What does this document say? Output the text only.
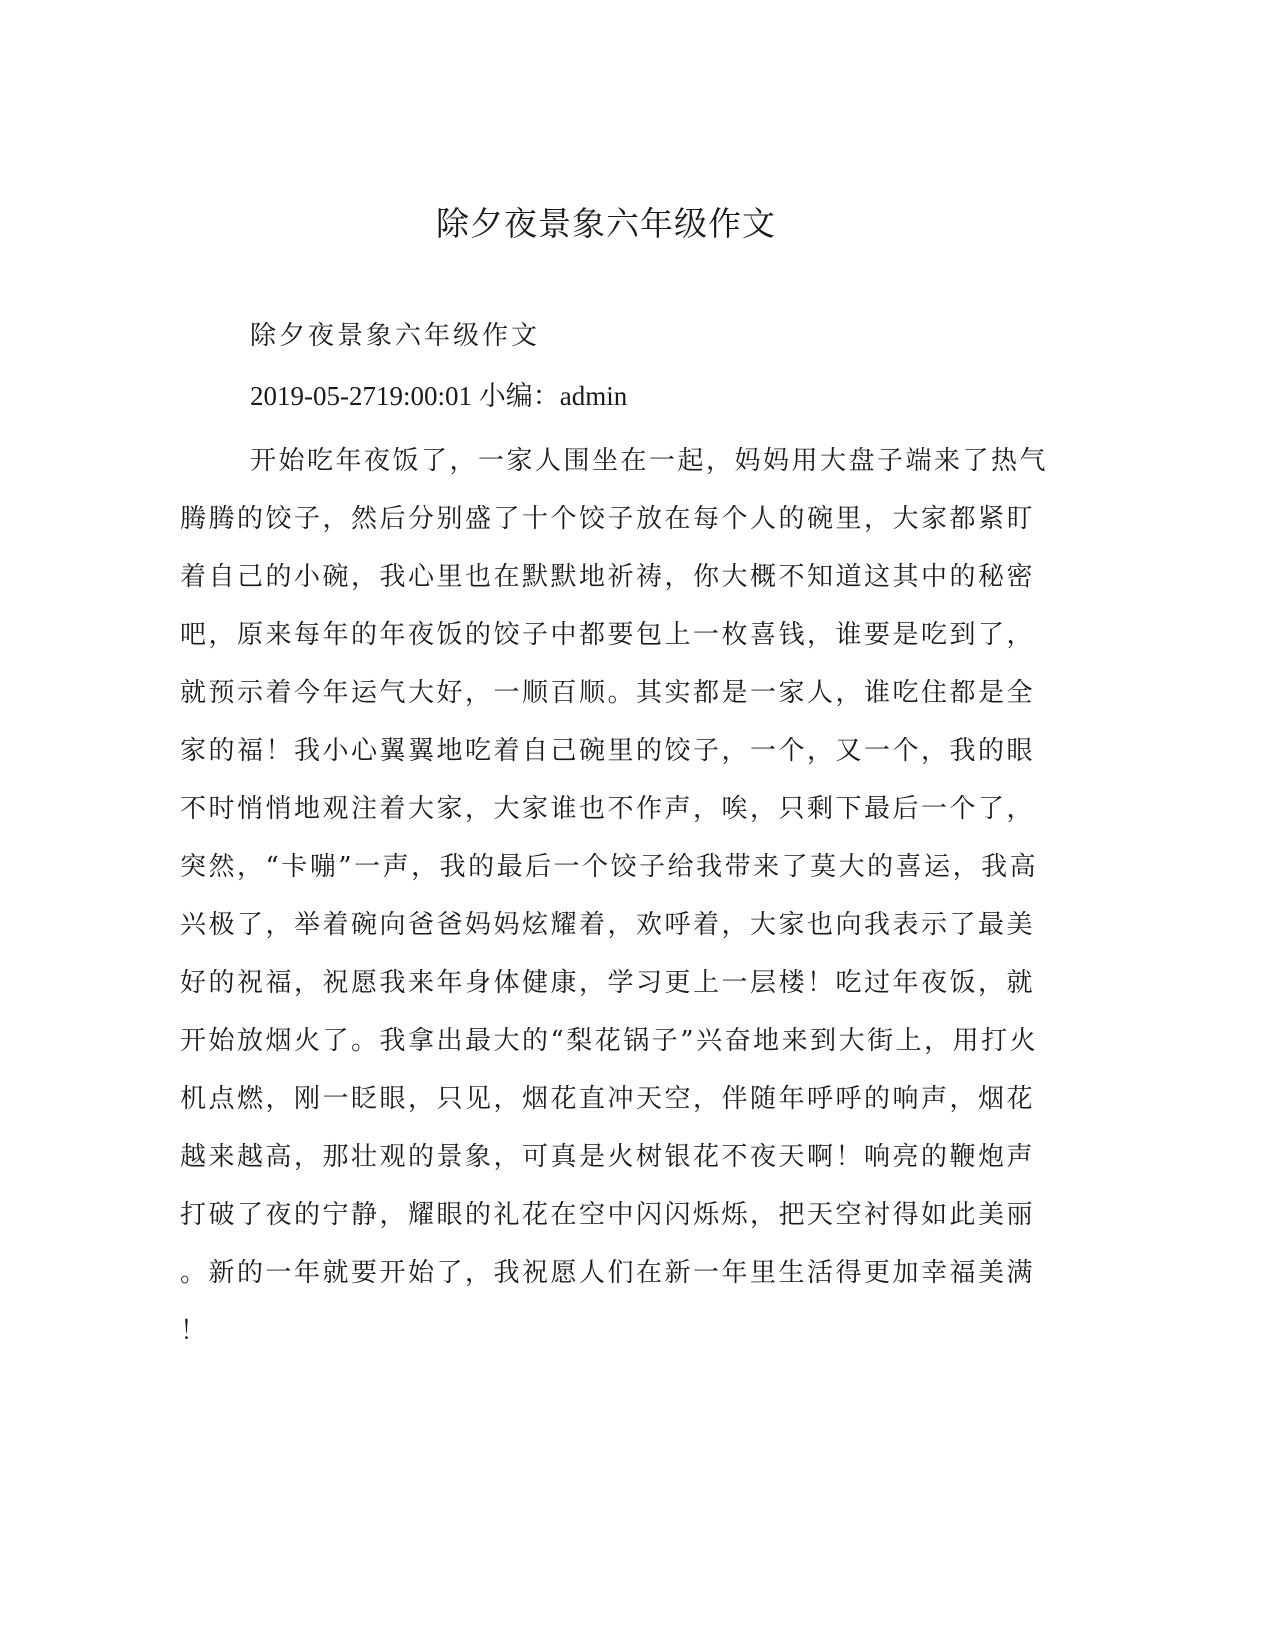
除夕夜景象六年级作文

除夕夜景象六年级作文

2019-05-2719:00:01 小编：admin

开始吃年夜饭了，一家人围坐在一起，妈妈用大盘子端来了热气
腾腾的饺子，然后分别盛了十个饺子放在每个人的碗里，大家都紧盯
着自己的小碗，我心里也在默默地祈祷，你大概不知道这其中的秘密
吧，原来每年的年夜饭的饺子中都要包上一枚喜钱，谁要是吃到了，
就预示着今年运气大好，一顺百顺。其实都是一家人，谁吃住都是全
家的福！我小心翼翼地吃着自己碗里的饺子，一个，又一个，我的眼
不时悄悄地观注着大家，大家谁也不作声，唉，只剩下最后一个了，
突然，“卡嘣”一声，我的最后一个饺子给我带来了莫大的喜运，我高
兴极了，举着碗向爸爸妈妈炫耀着，欢呼着，大家也向我表示了最美
好的祝福，祝愿我来年身体健康，学习更上一层楼！吃过年夜饭，就
开始放烟火了。我拿出最大的“梨花锅子”兴奋地来到大街上，用打火
机点燃，刚一眨眼，只见，烟花直冲天空，伴随年呼呼的响声，烟花
越来越高，那壮观的景象，可真是火树银花不夜天啊！响亮的鞭炮声
打破了夜的宁静，耀眼的礼花在空中闪闪烁烁，把天空衬得如此美丽
。新的一年就要开始了，我祝愿人们在新一年里生活得更加幸福美满
！
